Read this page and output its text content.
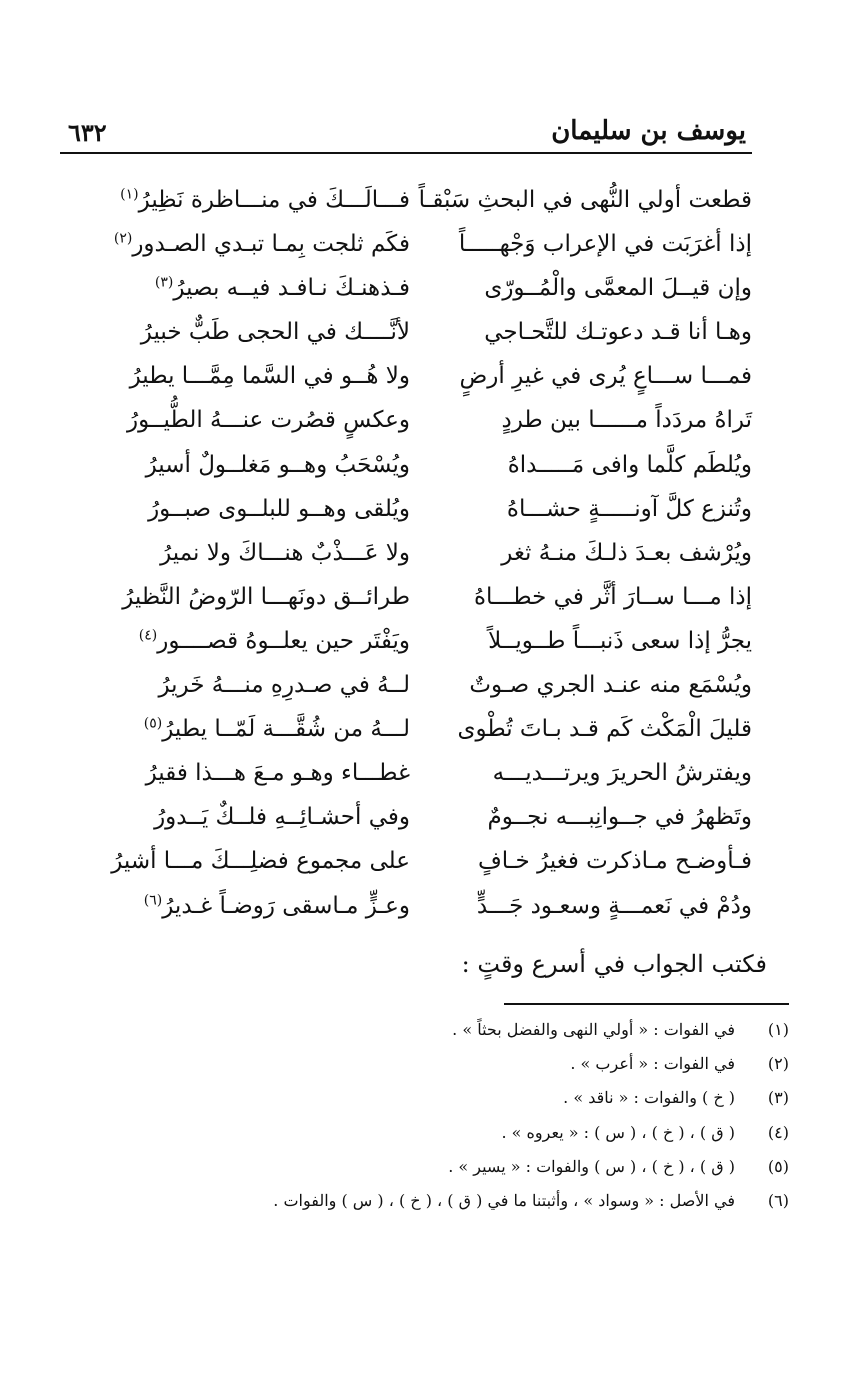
يوسف بن سليمان
٦٣٢
قطعت أولي النُّهى في البحثِ سَبْقـاً
فـــالَـــكَ في منـــاظرة نَظِيرُ$^{(١)}$
إذا أغرَبَت في الإعراب وَجْهـــــاً
فكَم ثلجت بِمـا تبـدي الصـدور$^{(٢)}$
وإن قيــلَ المعمَّى والْمُــورّى
فـذهنـكَ نـافـد فيــه بصيرُ$^{(٣)}$
وهـا أنا قـد دعوتـك للتَّحـاجي
لأنَّــــك في الحجى طَبٌّ خبيرُ
فمـــا ســـاعٍ يُرى في غيرِ أرضٍ
ولا هُــو في السَّما مِمَّـــا يطيرُ
تَراهُ مردَداً مــــــا بين طردٍ
وعكسٍ قصُرت عنـــهُ الطُّيــورُ
ويُلطَم كلَّما وافى مَـــــداهُ
ويُسْحَبُ وهــو مَغلــولٌ أسيرُ
وتُنزع كلَّ آونـــــةٍ حشـــاهُ
ويُلقى وهــو للبلــوى صبــورُ
ويُرْشف بعـدَ ذلـكَ منـهُ ثغر
ولا عَـــذْبٌ هنـــاكَ ولا نميرُ
إذا مـــا ســارَ أثَّر في خطـــاهُ
طرائــق دونَهـــا الرّوضُ النَّظيرُ
يجرُّ إذا سعى ذَنبـــاً طــويــلاً
ويَفْتَر حين يعلــوهُ قصــــور$^{(٤)}$
ويُسْمَع منه عنـد الجري صـوتٌ
لــهُ في صـدرِهِ منـــهُ خَريرُ
قليلَ الْمَكْث كَم قـد بـاتَ تُطْوى
لـــهُ من شُقَّـــة لَمّــا يطيرُ$^{(٥)}$
ويفترشُ الحريرَ ويرتـــديـــه
غطـــاء وهـو مـعَ هـــذا فقيرُ
وتَظهرُ في جــوانِبـــه نجــومٌ
وفي أحشـائِــهِ فلــكٌ يَــدورُ
فـأوضـح مـاذكرت فغيرُ خـافٍ
على مجموع فضلِـــكَ مـــا أشيرُ
ودُمْ في نَعمـــةٍ وسعـود جَـــدٍّ
وعـزٍّ مـاسقى رَوضـاً غـديرُ$^{(٦)}$
فكتب الجواب في أسرع وقتٍ :
(١)
في الفوات : « أولي النهى والفضل بحثاً » .
(٢)
في الفوات : « أعرب » .
(٣)
( خ ) والفوات : « ناقد » .
(٤)
( ق ) ، ( خ ) ، ( س ) : « يعروه » .
(٥)
( ق ) ، ( خ ) ، ( س ) والفوات : « يسير » .
(٦)
في الأصل : « وسواد » ، وأثبتنا ما في ( ق ) ، ( خ ) ، ( س ) والفوات .
